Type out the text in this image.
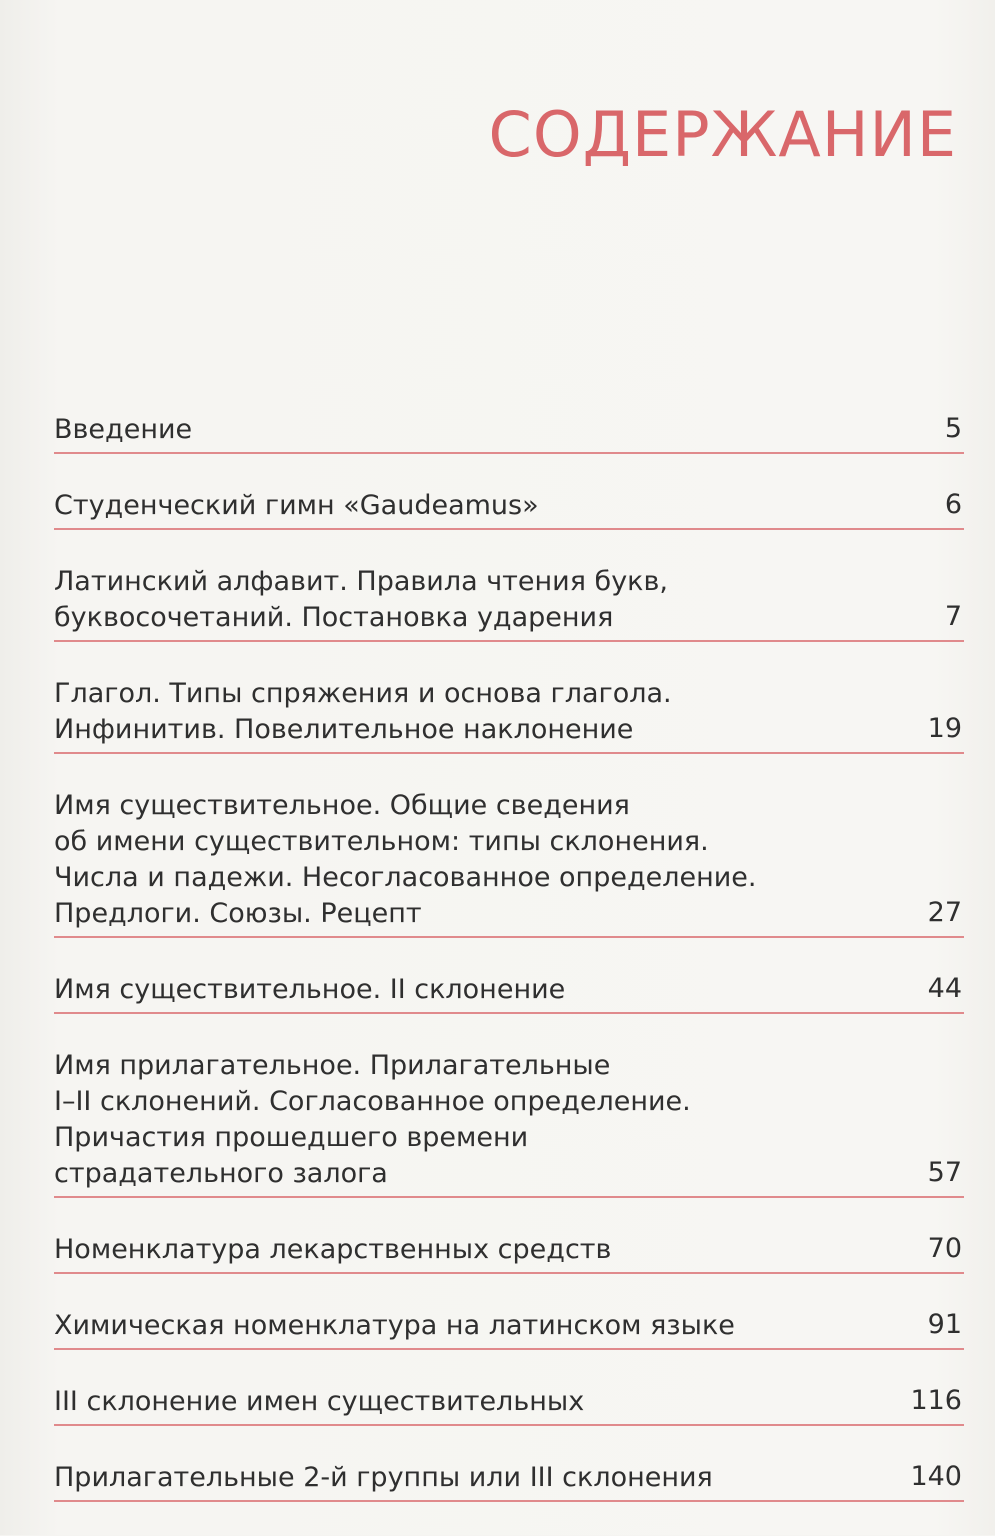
СОДЕРЖАНИЕ
Введение	5
Студенческий гимн «Gaudeamus»	6
Латинский алфавит. Правила чтения букв,
буквосочетаний. Постановка ударения	7
Глагол. Типы спряжения и основа глагола.
Инфинитив. Повелительное наклонение	19
Имя существительное. Общие сведения
об имени существительном: типы склонения.
Числа и падежи. Несогласованное определение.
Предлоги. Союзы. Рецепт	27
Имя существительное. II склонение	44
Имя прилагательное. Прилагательные
I–II склонений. Согласованное определение.
Причастия прошедшего времени
страдательного залога	57
Номенклатура лекарственных средств	70
Химическая номенклатура на латинском языке	91
III склонение имен существительных	116
Прилагательные 2-й группы или III склонения	140
